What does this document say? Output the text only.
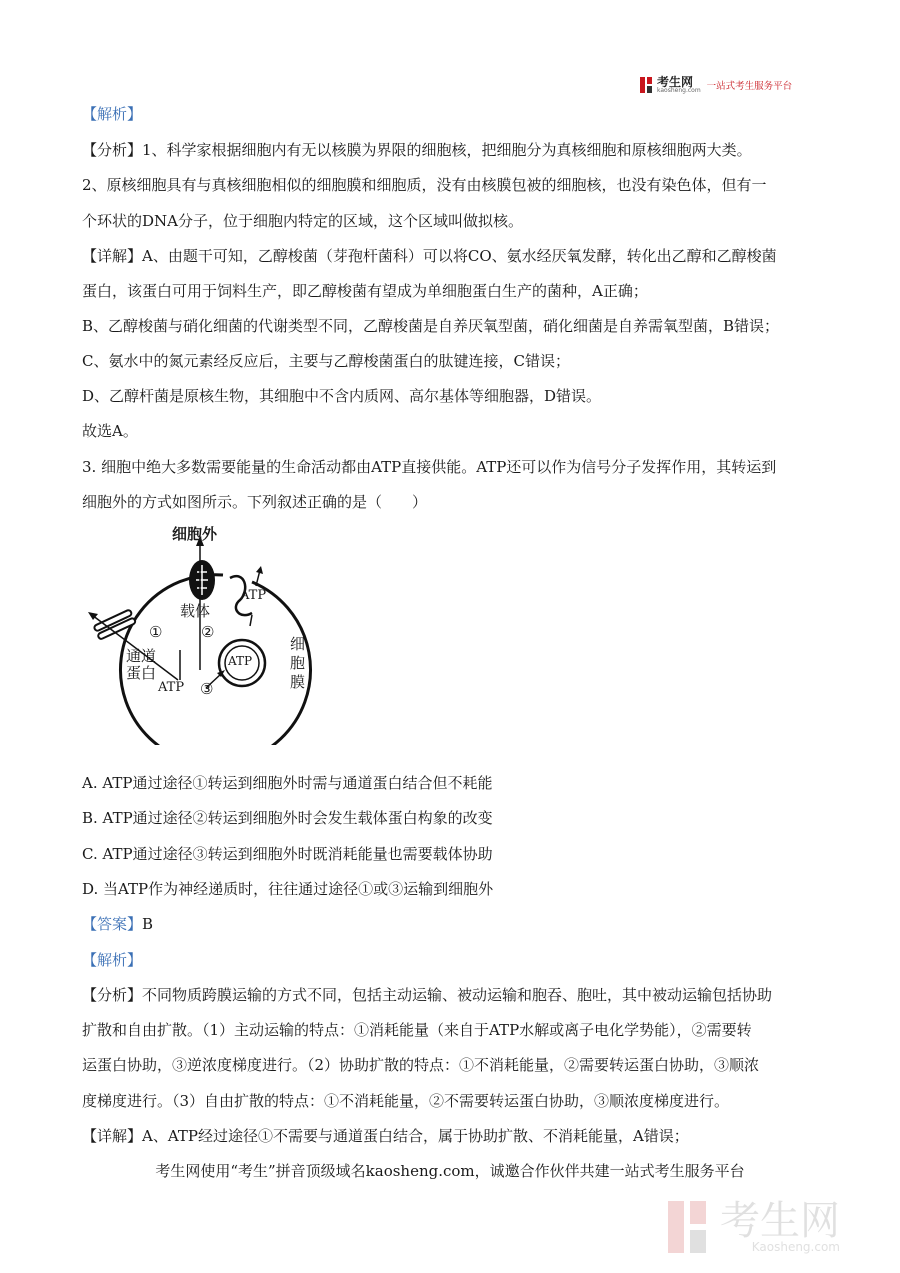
考生网
kaosheng.com 一站式考生服务平台
【解析】
【分析】1、科学家根据细胞内有无以核膜为界限的细胞核，把细胞分为真核细胞和原核细胞两大类。
2、原核细胞具有与真核细胞相似的细胞膜和细胞质，没有由核膜包被的细胞核，也没有染色体，但有一
个环状的DNA分子，位于细胞内特定的区域，这个区域叫做拟核。
【详解】A、由题干可知，乙醇梭菌（芽孢杆菌科）可以将CO、氨水经厌氧发酵，转化出乙醇和乙醇梭菌
蛋白，该蛋白可用于饲料生产，即乙醇梭菌有望成为单细胞蛋白生产的菌种，A正确；
B、乙醇梭菌与硝化细菌的代谢类型不同，乙醇梭菌是自养厌氧型菌，硝化细菌是自养需氧型菌，B错误；
C、氨水中的氮元素经反应后，主要与乙醇梭菌蛋白的肽键连接，C错误；
D、乙醇杆菌是原核生物，其细胞中不含内质网、高尔基体等细胞器，D错误。
故选A。
3. 细胞中绝大多数需要能量的生命活动都由ATP直接供能。ATP还可以作为信号分子发挥作用，其转运到
细胞外的方式如图所示。下列叙述正确的是（　　）
细胞外
载体
ATP
①	②
通道
蛋白
ATP
ATP ③
细
胞
膜
A. ATP通过途径①转运到细胞外时需与通道蛋白结合但不耗能
B. ATP通过途径②转运到细胞外时会发生载体蛋白构象的改变
C. ATP通过途径③转运到细胞外时既消耗能量也需要载体协助
D. 当ATP作为神经递质时，往往通过途径①或③运输到细胞外
【答案】B
【解析】
【分析】不同物质跨膜运输的方式不同，包括主动运输、被动运输和胞吞、胞吐，其中被动运输包括协助
扩散和自由扩散。（1）主动运输的特点：①消耗能量（来自于ATP水解或离子电化学势能），②需要转
运蛋白协助，③逆浓度梯度进行。（2）协助扩散的特点：①不消耗能量，②需要转运蛋白协助，③顺浓
度梯度进行。（3）自由扩散的特点：①不消耗能量，②不需要转运蛋白协助，③顺浓度梯度进行。
【详解】A、ATP经过途径①不需要与通道蛋白结合，属于协助扩散、不消耗能量，A错误；
考生网使用“考生”拼音顶级域名kaosheng.com，诚邀合作伙伴共建一站式考生服务平台
考生网
Kaosheng.com
